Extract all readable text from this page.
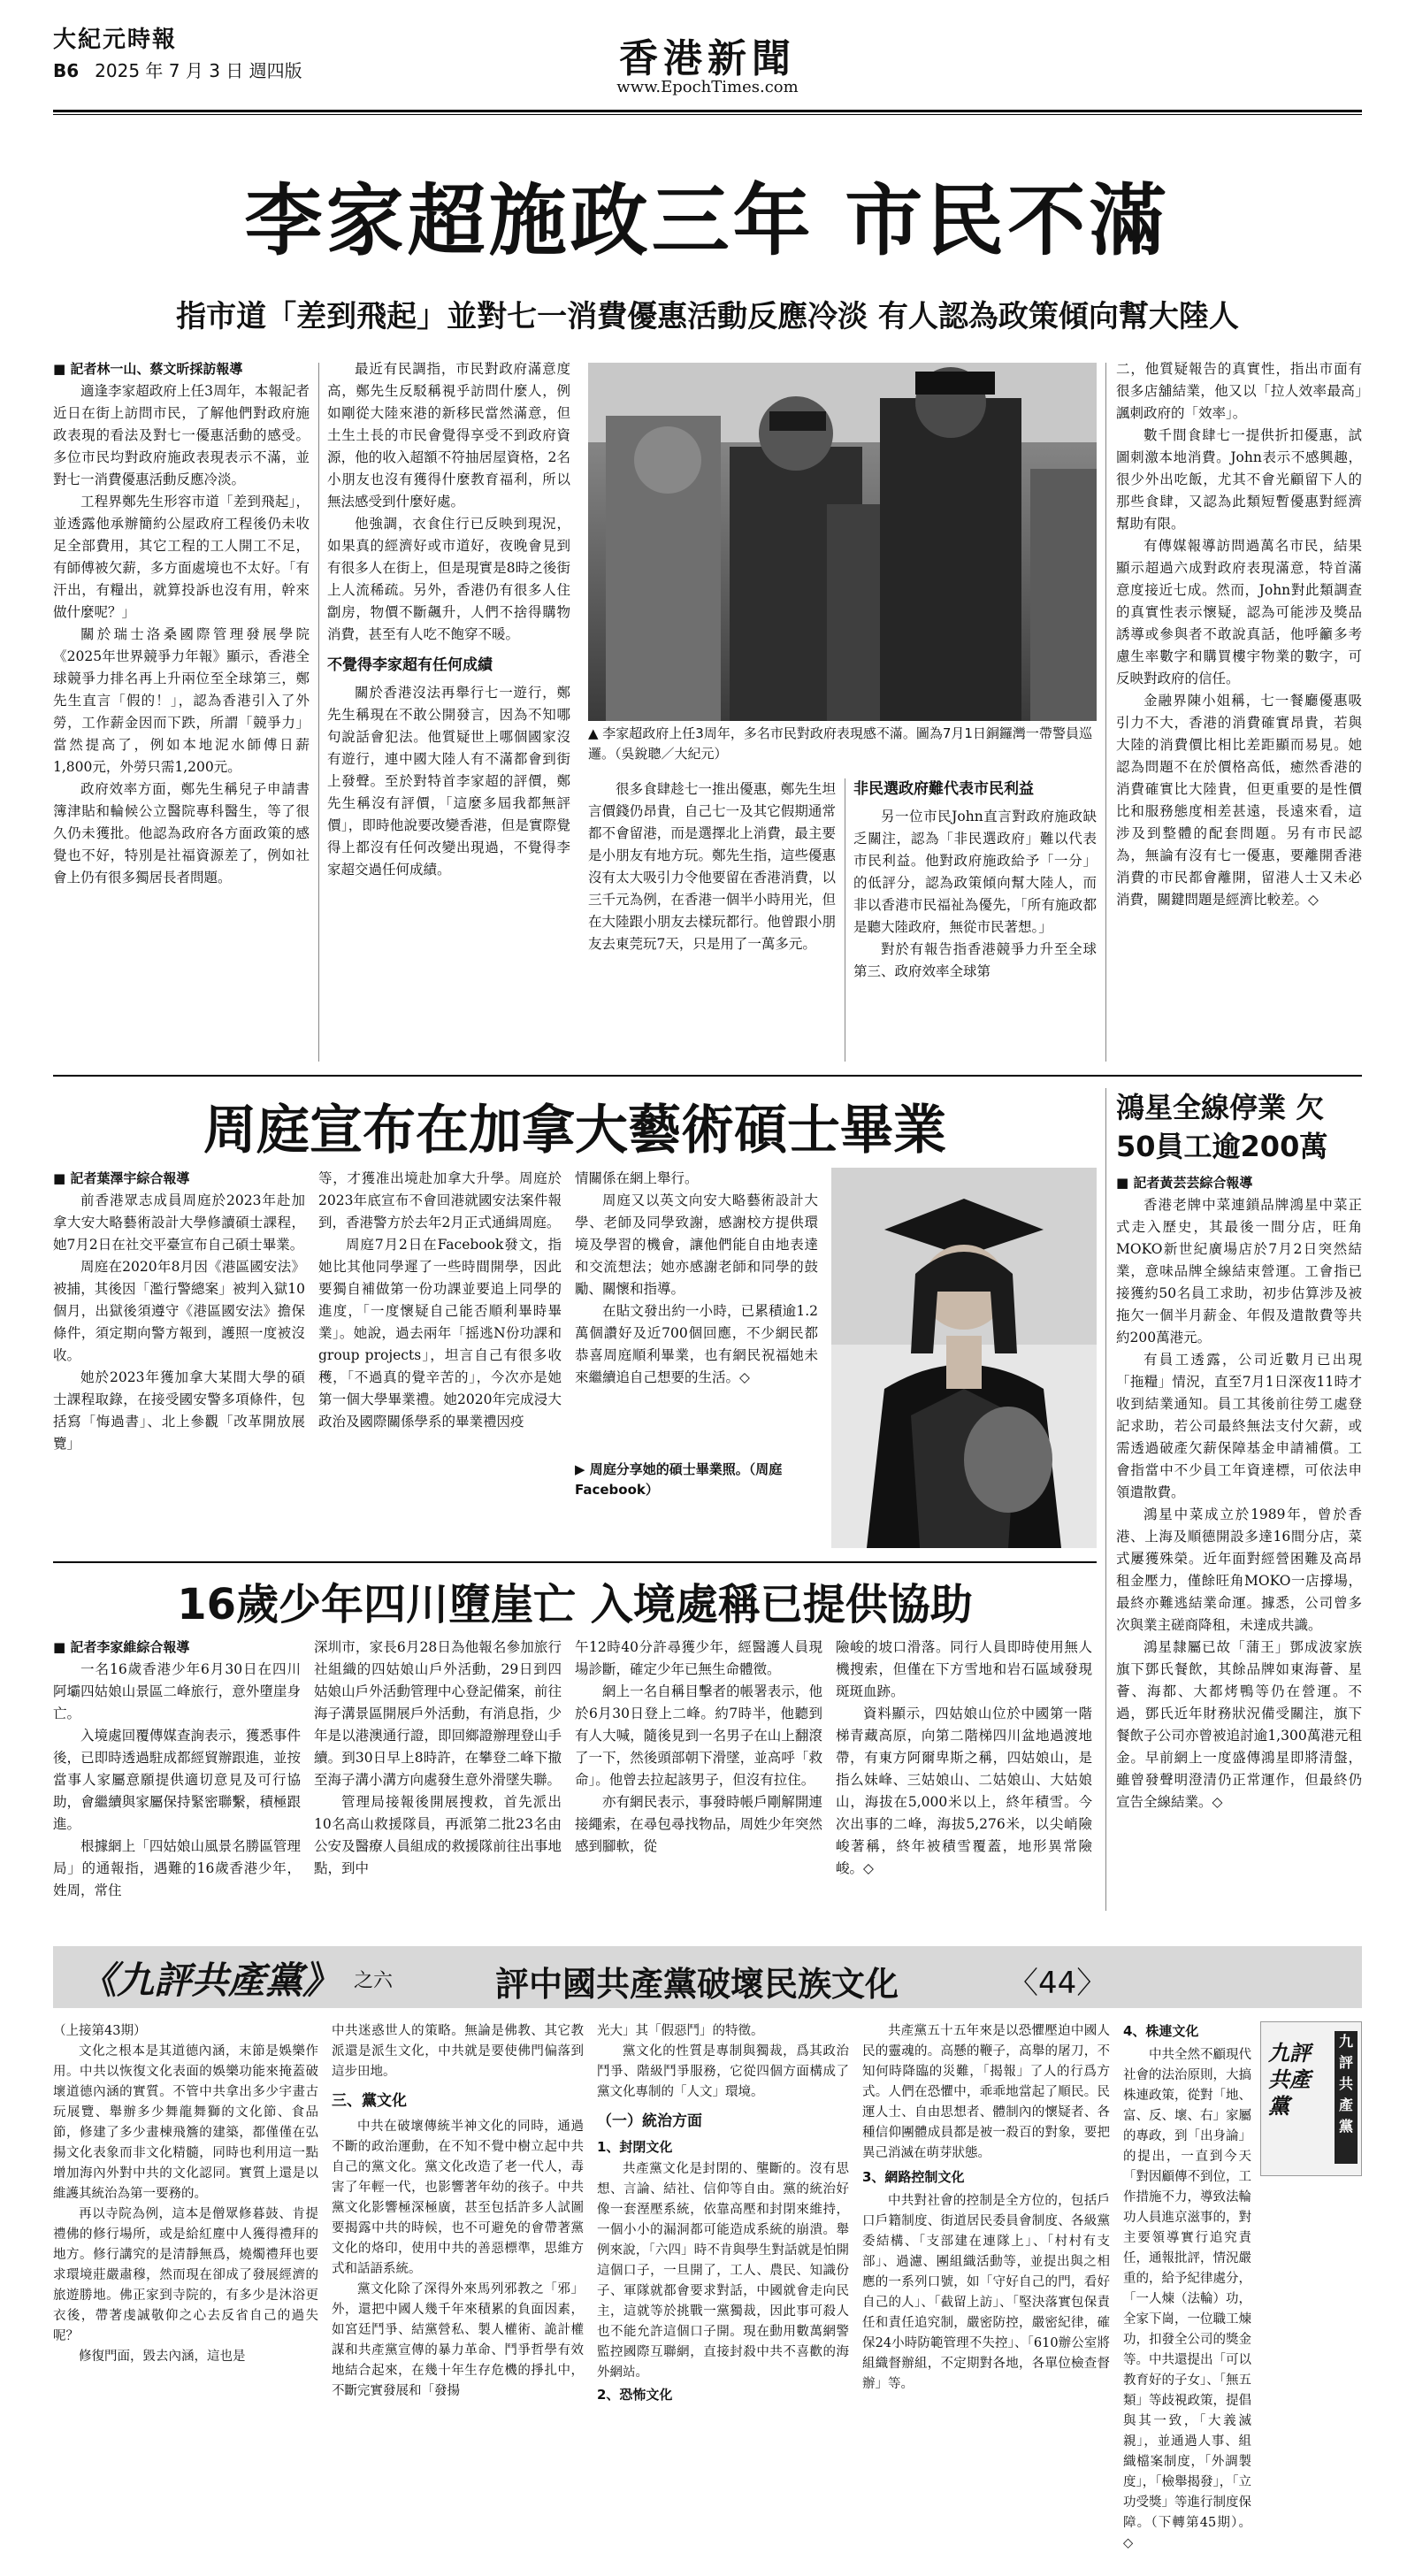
大紀元時報
B6 2025 年 7 月 3 日 週四版	香港新聞
www.EpochTimes.com
李家超施政三年 市民不滿
指市道「差到飛起」並對七一消費優惠活動反應冷淡 有人認為政策傾向幫大陸人

■ 記者林一山、蔡文昕採訪報導

適逢李家超政府上任3周年，本報記者近日在街上訪問市民，了解他們對政府施政表現的看法及對七一優惠活動的感受。多位市民均對政府施政表現表示不滿，並對七一消費優惠活動反應冷淡。

工程界鄭先生形容市道「差到飛起」，並透露他承辦簡約公屋政府工程後仍未收足全部費用，其它工程的工人開工不足，有師傅被欠薪，多方面處境也不太好。「有汗出，有糧出，就算投訴也沒有用，幹來做什麼呢？」

關於瑞士洛桑國際管理發展學院《2025年世界競爭力年報》顯示，香港全球競爭力排名再上升兩位至全球第三，鄭先生直言「假的！」，認為香港引入了外勞，工作薪金因而下跌，所謂「競爭力」當然提高了，例如本地泥水師傅日薪1,800元，外勞只需1,200元。

政府效率方面，鄭先生稱兒子申請書簿津貼和輪候公立醫院專科醫生，等了很久仍未獲批。他認為政府各方面政策的感覺也不好，特別是社福資源差了，例如社會上仍有很多獨居長者問題。

最近有民調指，市民對政府滿意度高，鄭先生反駁稱視乎訪問什麼人，例如剛從大陸來港的新移民當然滿意，但土生土長的市民會覺得享受不到政府資源，他的收入超額不符抽居屋資格，2名小朋友也沒有獲得什麼教育福利，所以無法感受到什麼好處。

他強調，衣食住行已反映到現況，如果真的經濟好或市道好，夜晚會見到有很多人在街上，但是現實是8時之後街上人流稀疏。另外，香港仍有很多人住劏房，物價不斷飆升，人們不捨得購物消費，甚至有人吃不飽穿不暖。

不覺得李家超有任何成績

關於香港沒法再舉行七一遊行，鄭先生稱現在不敢公開發言，因為不知哪句說話會犯法。他質疑世上哪個國家沒有遊行，連中國大陸人有不滿都會到街上發聲。至於對特首李家超的評價，鄭先生稱沒有評價，「這麼多屆我都無評價」，即時他說要改變香港，但是實際覺得上都沒有任何改變出現過，不覺得李家超交過任何成績。

▲ 李家超政府上任3周年，多名市民對政府表現感不滿。圖為7月1日銅鑼灣一帶警員巡邏。（吳銳聰／大紀元）

很多食肆趁七一推出優惠，鄭先生坦言價錢仍昂貴，自己七一及其它假期通常都不會留港，而是選擇北上消費，最主要是小朋友有地方玩。鄭先生指，這些優惠沒有太大吸引力令他要留在香港消費，以三千元為例，在香港一個半小時用光，但在大陸跟小朋友去樣玩都行。他曾跟小朋友去東莞玩7天，只是用了一萬多元。

非民選政府難代表市民利益

另一位市民John直言對政府施政缺乏關注，認為「非民選政府」難以代表市民利益。他對政府施政給予「一分」的低評分，認為政策傾向幫大陸人，而非以香港市民福祉為優先，「所有施政都是聽大陸政府，無從市民著想。」

對於有報告指香港競爭力升至全球第三、政府效率全球第

二，他質疑報告的真實性，指出市面有很多店舖結業，他又以「拉人效率最高」諷刺政府的「效率」。

數千間食肆七一提供折扣優惠，試圖刺激本地消費。John表示不感興趣，很少外出吃飯，尤其不會光顧留下人的那些食肆，又認為此類短暫優惠對經濟幫助有限。

有傳媒報導訪問過萬名市民，結果顯示超過六成對政府表現滿意，特首滿意度接近七成。然而，John對此類調查的真實性表示懷疑，認為可能涉及獎品誘導或參與者不敢說真話，他呼籲多考慮生率數字和購買樓宇物業的數字，可反映對政府的信任。

金融界陳小姐稱，七一餐廳優惠吸引力不大，香港的消費確實昂貴，若與大陸的消費價比相比差距顯而易見。她認為問題不在於價格高低，癒然香港的消費確實比大陸貴，但更重要的是性價比和服務態度相差甚遠，長遠來看，這涉及到整體的配套問題。另有市民認為，無論有沒有七一優惠，要離開香港消費的市民都會離開，留港人士又未必消費，關鍵問題是經濟比較差。◇

周庭宣布在加拿大藝術碩士畢業

■ 記者葉澤宇綜合報導

前香港眾志成員周庭於2023年赴加拿大安大略藝術設計大學修讀碩士課程，她7月2日在社交平臺宣布自己碩士畢業。

周庭在2020年8月因《港區國安法》被捕，其後因「濫行警總案」被判入獄10個月，出獄後須遵守《港區國安法》擔保條件，須定期向警方報到，護照一度被沒收。

她於2023年獲加拿大某間大學的碩士課程取錄，在接受國安警多項條件，包括寫「悔過書」、北上參觀「改革開放展覽」

等，才獲准出境赴加拿大升學。周庭於2023年底宣布不會回港就國安法案件報到，香港警方於去年2月正式通緝周庭。

周庭7月2日在Facebook發文，指她比其他同學遲了一些時間開學，因此要獨自補做第一份功課並要追上同學的進度，「一度懷疑自己能否順利畢時畢業」。她說，過去兩年「摇逃N份功課和group projects」，坦言自己有很多收穫，「不過真的覺辛苦的」，今次亦是她第一個大學畢業禮。她2020年完成浸大政治及國際關係學系的畢業禮因疫

情關係在網上舉行。

周庭又以英文向安大略藝術設計大學、老師及同學致謝，感謝校方提供環境及學習的機會，讓他們能自由地表達和交流想法；她亦感謝老師和同學的鼓勵、關懷和指導。

在貼文發出約一小時，已累積逾1.2萬個讚好及近700個回應，不少網民都恭喜周庭順利畢業，也有網民祝福她未來繼續追自己想要的生活。◇

▶ 周庭分享她的碩士畢業照。（周庭Facebook）
鴻星全線停業 欠50員工逾200萬

■ 記者黃芸芸綜合報導

香港老牌中菜連鎖品牌鴻星中菜正式走入歷史，其最後一間分店，旺角MOKO新世紀廣場店於7月2日突然結業，意味品牌全線結束營運。工會指已接獲約50名員工求助，初步估算涉及被拖欠一個半月薪金、年假及遣散費等共約200萬港元。

有員工透露，公司近數月已出現「拖糧」情況，直至7月1日深夜11時才收到結業通知。員工其後前往勞工處登記求助，若公司最終無法支付欠薪，或需透過破產欠薪保障基金申請補償。工會指當中不少員工年資達標，可依法申領遣散費。

鴻星中菜成立於1989年，曾於香港、上海及順德開設多達16間分店，菜式屢獲殊榮。近年面對經營困難及高昂租金壓力，僅餘旺角MOKO一店撐場，最終亦難逃結業命運。據悉，公司曾多次與業主磋商降租，未達成共識。

鴻星隸屬已故「蒲王」鄧成波家族旗下鄧氏餐飲，其餘品牌如東海薈、星薈、海都、大都烤鴨等仍在營運。不過，鄧氏近年財務狀況備受關注，旗下餐飲子公司亦曾被追討逾1,300萬港元租金。早前網上一度盛傳鴻星即將清盤，雖曾發聲明澄清仍正常運作，但最終仍宣告全線結業。◇

16歲少年四川墮崖亡 入境處稱已提供協助

■ 記者李家維綜合報導

一名16歲香港少年6月30日在四川阿壩四姑娘山景區二峰旅行，意外墮崖身亡。

入境處回覆傳媒查詢表示，獲悉事件後，已即時透過駐成都經貿辦跟進，並按當事人家屬意願提供適切意見及可行協助，會繼續與家屬保持緊密聯繫，積極跟進。

根據網上「四姑娘山風景名勝區管理局」的通報指，遇難的16歲香港少年，姓周，常住

深圳市，家長6月28日為他報名參加旅行社組織的四姑娘山戶外活動，29日到四姑娘山戶外活動管理中心登記備案，前往海子溝景區開展戶外活動，有消息指，少年是以港澳通行證，即回鄉證辦理登山手續。到30日早上8時許，在攀登二峰下撤至海子溝小溝方向處發生意外滑墜失聯。

管理局接報後開展搜救，首先派出10名高山救援隊員，再派第二批23名由公安及醫療人員組成的救援隊前往出事地點，到中

午12時40分許尋獲少年，經醫護人員現場診斷，確定少年已無生命體徵。

網上一名自稱目擊者的帳署表示，他於6月30日登上二峰。約7時半，他聽到有人大喊，隨後見到一名男子在山上翻滾了一下，然後頭部朝下滑墜，並高呼「救命」。他曾去拉起該男子，但沒有拉住。

亦有網民表示，事發時帳戶剛解開連接繩索，在尋包尋找物品，周姓少年突然感到腳軟，從

險峻的坡口滑落。同行人員即時使用無人機搜索，但僅在下方雪地和岩石區域發現斑斑血跡。

資料顯示，四姑娘山位於中國第一階梯青藏高原，向第二階梯四川盆地過渡地帶，有東方阿爾卑斯之稱，四姑娘山，是指么妹峰、三姑娘山、二姑娘山、大姑娘山，海拔在5,000米以上，終年積雪。今次出事的二峰，海拔5,276米，以尖峭險峻著稱，終年被積雪覆蓋，地形異常險峻。◇

《九評共產黨》 之六	評中國共產黨破壞民族文化	〈44〉

（上接第43期）

文化之根本是其道德內涵，末節是娛樂作用。中共以恢復文化表面的娛樂功能來掩蓋破壞道德內涵的實質。不管中共拿出多少宇畫古玩展覽、舉辦多少舞龍舞獅的文化節、食品節，修建了多少畫棟飛簷的建築，都僅僅在弘揚文化表象而非文化精髓，同時也利用這一點增加海內外對中共的文化認同。實質上還是以維護其統治為第一要務的。

再以寺院為例，這本是僧眾修暮鼓、肯提禮佛的修行場所，或是給紅塵中人獲得禮拜的地方。修行講究的是清靜無爲，燒燭禮拜也要求環境莊嚴肅穆，然而現在卻成了發展經濟的旅遊勝地。佛正家到寺院的，有多少是沐浴更衣後，帶著虔誠敬仰之心去反省自己的過失呢？

修復門面，毀去內涵，這也是

中共迷惑世人的策略。無論是佛教、其它教派還是派生文化，中共就是要使佛門偏落到這步田地。

三、黨文化

中共在破壞傳統半神文化的同時，通過不斷的政治運動，在不知不覺中樹立起中共自己的黨文化。黨文化改造了老一代人，毒害了年輕一代，也影響著年幼的孩子。中共黨文化影響極深極廣，甚至包括許多人試圖要揭露中共的時候，也不可避免的會帶著黨文化的烙印，使用中共的善惡標準，思維方式和話語系統。

黨文化除了深得外來馬列邪教之「邪」外，還把中國人幾千年來積累的負面因素，如宮廷鬥爭、結黨營私、製人權術、詭計權謀和共產黨宣傳的暴力革命、鬥爭哲學有效地結合起來，在幾十年生存危機的掙扎中，不斷完實發展和「發揚

光大」其「假惡鬥」的特徵。

黨文化的性質是專制與獨裁，爲其政治鬥爭、階級鬥爭服務，它從四個方面構成了黨文化專制的「人文」環境。

（一）統治方面

1、封閉文化

共產黨文化是封閉的、壟斷的。沒有思想、言論、結社、信仰等自由。黨的統治好像一套溼壓系統，依靠高壓和封閉來維持，一個小小的漏洞都可能造成系統的崩潰。舉例來說，「六四」時不肯與學生對話就是怕開這個口子，一旦開了，工人、農民、知識份子、軍隊就都會要求對話，中國就會走向民主，這就等於挑戰一黨獨裁，因此事可殺人也不能允許這個口子開。現在動用數萬網警監控國際互聯網，直接封殺中共不喜歡的海外網站。

2、恐怖文化

共產黨五十五年來是以恐懼壓迫中國人民的靈魂的。高懸的鞭子，高舉的屠刀，不知何時降臨的災難，「揭報」了人的行爲方式。人們在恐懼中，乖乖地當起了順民。民運人士、自由思想者、體制內的懷疑者、各種信仰團體成員都是被一殺百的對象，要把異己消滅在萌芽狀態。

3、網路控制文化

中共對社會的控制是全方位的，包括戶口戶籍制度、街道居民委員會制度、各級黨委結構、「支部建在連隊上」、「村村有支部」、過濾、團組織活動等，並提出與之相應的一系列口號，如「守好自己的門，看好自己的人」、「截留上訪」、「堅決落實包保責任和責任追究制，嚴密防控，嚴密紀律，確保24小時防範管理不失控」、「610辦公室將組織督辦組，不定期對各地，各單位檢查督辦」等。

4、株連文化

中共全然不顧現代社會的法治原則，大搞株連政策，從對「地、富、反、壞、右」家屬的專政，到「出身論」的提出，一直到今天「對因顧傳不到位，工作措施不力，導致法輪功人員進京滋事的，對主要領導實行追究責任，通報批評，情況嚴重的，給予紀律處分，「一人煉（法輪）功，全家下崗，一位職工煉功，扣發全公司的獎金等。中共還提出「可以教育好的子女」、「無五類」等歧視政策，提倡與其一致，「大義滅親」，並通過人事、組織檔案制度，「外調製度」，「檢舉揭發」，「立功受獎」等進行制度保障。（下轉第45期）。◇

九評共產黨
九評共產黨
